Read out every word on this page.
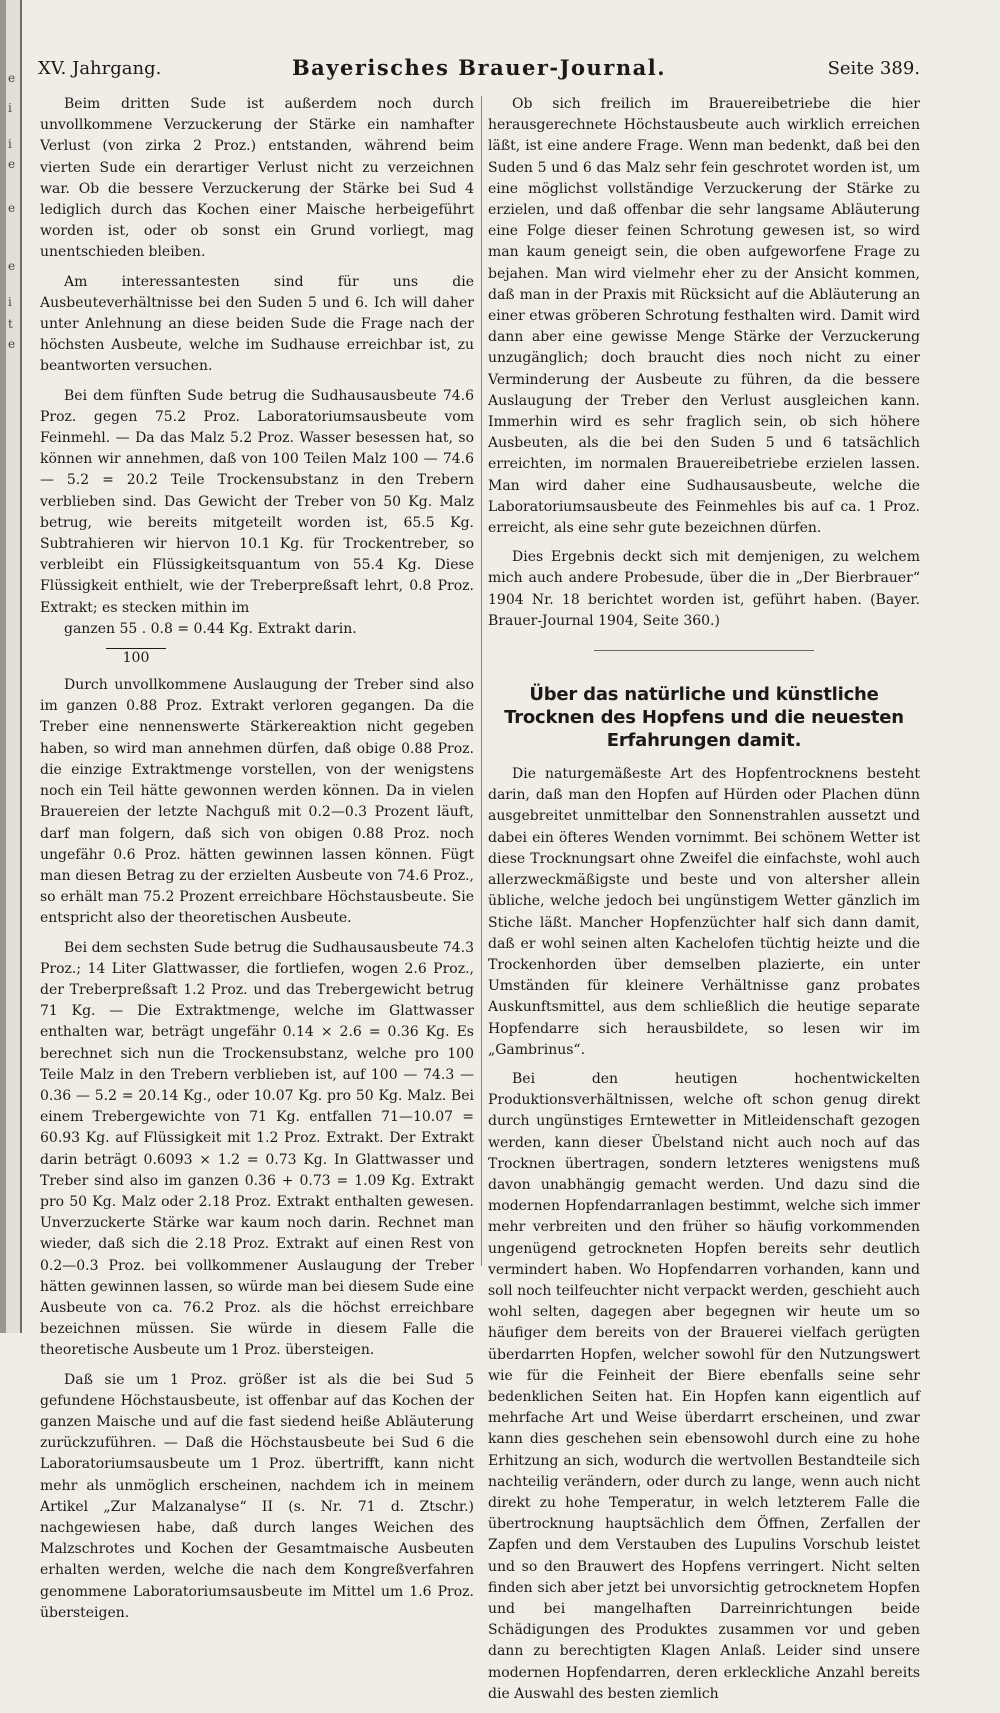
e
i
i
e
e
e
i
t
e
XV. Jahrgang.	Bayerisches Brauer-Journal.	Seite 389.

Beim dritten Sude ist außerdem noch durch unvollkommene Verzuckerung der Stärke ein namhafter Verlust (von zirka 2 Proz.) entstanden, während beim vierten Sude ein derartiger Verlust nicht zu verzeichnen war. Ob die bessere Verzuckerung der Stärke bei Sud 4 lediglich durch das Kochen einer Maische herbeigeführt worden ist, oder ob sonst ein Grund vorliegt, mag unentschieden bleiben.

Am interessantesten sind für uns die Ausbeuteverhältnisse bei den Suden 5 und 6. Ich will daher unter Anlehnung an diese beiden Sude die Frage nach der höchsten Ausbeute, welche im Sudhause erreichbar ist, zu beantworten versuchen.

Bei dem fünften Sude betrug die Sudhausausbeute 74.6 Proz. gegen 75.2 Proz. Laboratoriumsausbeute vom Feinmehl. — Da das Malz 5.2 Proz. Wasser besessen hat, so können wir annehmen, daß von 100 Teilen Malz 100 — 74.6 — 5.2 = 20.2 Teile Trockensubstanz in den Trebern verblieben sind. Das Gewicht der Treber von 50 Kg. Malz betrug, wie bereits mitgeteilt worden ist, 65.5 Kg. Subtrahieren wir hiervon 10.1 Kg. für Trockentreber, so verbleibt ein Flüssigkeitsquantum von 55.4 Kg. Diese Flüssigkeit enthielt, wie der Treberpreßsaft lehrt, 0.8 Proz. Extrakt; es stecken mithin im

ganzen 55 . 0.8 = 0.44 Kg. Extrakt darin.

100

Durch unvollkommene Auslaugung der Treber sind also im ganzen 0.88 Proz. Extrakt verloren gegangen. Da die Treber eine nennenswerte Stärkereaktion nicht gegeben haben, so wird man annehmen dürfen, daß obige 0.88 Proz. die einzige Extraktmenge vorstellen, von der wenigstens noch ein Teil hätte gewonnen werden können. Da in vielen Brauereien der letzte Nachguß mit 0.2—0.3 Prozent läuft, darf man folgern, daß sich von obigen 0.88 Proz. noch ungefähr 0.6 Proz. hätten gewinnen lassen können. Fügt man diesen Betrag zu der erzielten Ausbeute von 74.6 Proz., so erhält man 75.2 Prozent erreichbare Höchstausbeute. Sie entspricht also der theoretischen Ausbeute.

Bei dem sechsten Sude betrug die Sudhausausbeute 74.3 Proz.; 14 Liter Glattwasser, die fortliefen, wogen 2.6 Proz., der Treberpreßsaft 1.2 Proz. und das Trebergewicht betrug 71 Kg. — Die Extraktmenge, welche im Glattwasser enthalten war, beträgt ungefähr 0.14 × 2.6 = 0.36 Kg. Es berechnet sich nun die Trockensubstanz, welche pro 100 Teile Malz in den Trebern verblieben ist, auf 100 — 74.3 — 0.36 — 5.2 = 20.14 Kg., oder 10.07 Kg. pro 50 Kg. Malz. Bei einem Trebergewichte von 71 Kg. entfallen 71—10.07 = 60.93 Kg. auf Flüssigkeit mit 1.2 Proz. Extrakt. Der Extrakt darin beträgt 0.6093 × 1.2 = 0.73 Kg. In Glattwasser und Treber sind also im ganzen 0.36 + 0.73 = 1.09 Kg. Extrakt pro 50 Kg. Malz oder 2.18 Proz. Extrakt enthalten gewesen. Unverzuckerte Stärke war kaum noch darin. Rechnet man wieder, daß sich die 2.18 Proz. Extrakt auf einen Rest von 0.2—0.3 Proz. bei vollkommener Auslaugung der Treber hätten gewinnen lassen, so würde man bei diesem Sude eine Ausbeute von ca. 76.2 Proz. als die höchst erreichbare bezeichnen müssen. Sie würde in diesem Falle die theoretische Ausbeute um 1 Proz. übersteigen.

Daß sie um 1 Proz. größer ist als die bei Sud 5 gefundene Höchstausbeute, ist offenbar auf das Kochen der ganzen Maische und auf die fast siedend heiße Abläuterung zurückzuführen. — Daß die Höchstausbeute bei Sud 6 die Laboratoriumsausbeute um 1 Proz. übertrifft, kann nicht mehr als unmöglich erscheinen, nachdem ich in meinem Artikel „Zur Malzanalyse“ II (s. Nr. 71 d. Ztschr.) nachgewiesen habe, daß durch langes Weichen des Malzschrotes und Kochen der Gesamtmaische Ausbeuten erhalten werden, welche die nach dem Kongreßverfahren genommene Laboratoriumsausbeute im Mittel um 1.6 Proz. übersteigen.

Ob sich freilich im Brauereibetriebe die hier herausgerechnete Höchstausbeute auch wirklich erreichen läßt, ist eine andere Frage. Wenn man bedenkt, daß bei den Suden 5 und 6 das Malz sehr fein geschrotet worden ist, um eine möglichst vollständige Verzuckerung der Stärke zu erzielen, und daß offenbar die sehr langsame Abläuterung eine Folge dieser feinen Schrotung gewesen ist, so wird man kaum geneigt sein, die oben aufgeworfene Frage zu bejahen. Man wird vielmehr eher zu der Ansicht kommen, daß man in der Praxis mit Rücksicht auf die Abläuterung an einer etwas gröberen Schrotung festhalten wird. Damit wird dann aber eine gewisse Menge Stärke der Verzuckerung unzugänglich; doch braucht dies noch nicht zu einer Verminderung der Ausbeute zu führen, da die bessere Auslaugung der Treber den Verlust ausgleichen kann. Immerhin wird es sehr fraglich sein, ob sich höhere Ausbeuten, als die bei den Suden 5 und 6 tatsächlich erreichten, im normalen Brauereibetriebe erzielen lassen. Man wird daher eine Sudhausausbeute, welche die Laboratoriumsausbeute des Feinmehles bis auf ca. 1 Proz. erreicht, als eine sehr gute bezeichnen dürfen.

Dies Ergebnis deckt sich mit demjenigen, zu welchem mich auch andere Probesude, über die in „Der Bierbrauer“ 1904 Nr. 18 berichtet worden ist, geführt haben. (Bayer. Brauer-Journal 1904, Seite 360.)

Über das natürliche und künstliche Trocknen des Hopfens und die neuesten Erfahrungen damit.

Die naturgemäßeste Art des Hopfentrocknens besteht darin, daß man den Hopfen auf Hürden oder Plachen dünn ausgebreitet unmittelbar den Sonnenstrahlen aussetzt und dabei ein öfteres Wenden vornimmt. Bei schönem Wetter ist diese Trocknungsart ohne Zweifel die einfachste, wohl auch allerzweckmäßigste und beste und von altersher allein übliche, welche jedoch bei ungünstigem Wetter gänzlich im Stiche läßt. Mancher Hopfenzüchter half sich dann damit, daß er wohl seinen alten Kachelofen tüchtig heizte und die Trockenhorden über demselben plazierte, ein unter Umständen für kleinere Verhältnisse ganz probates Auskunftsmittel, aus dem schließlich die heutige separate Hopfendarre sich herausbildete, so lesen wir im „Gambrinus“.

Bei den heutigen hochentwickelten Produktionsverhältnissen, welche oft schon genug direkt durch ungünstiges Erntewetter in Mitleidenschaft gezogen werden, kann dieser Übelstand nicht auch noch auf das Trocknen übertragen, sondern letzteres wenigstens muß davon unabhängig gemacht werden. Und dazu sind die modernen Hopfendarranlagen bestimmt, welche sich immer mehr verbreiten und den früher so häufig vorkommenden ungenügend getrockneten Hopfen bereits sehr deutlich vermindert haben. Wo Hopfendarren vorhanden, kann und soll noch teilfeuchter nicht verpackt werden, geschieht auch wohl selten, dagegen aber begegnen wir heute um so häufiger dem bereits von der Brauerei vielfach gerügten überdarrten Hopfen, welcher sowohl für den Nutzungswert wie für die Feinheit der Biere ebenfalls seine sehr bedenklichen Seiten hat. Ein Hopfen kann eigentlich auf mehrfache Art und Weise überdarrt erscheinen, und zwar kann dies geschehen sein ebensowohl durch eine zu hohe Erhitzung an sich, wodurch die wertvollen Bestandteile sich nachteilig verändern, oder durch zu lange, wenn auch nicht direkt zu hohe Temperatur, in welch letzterem Falle die übertrocknung hauptsächlich dem Öffnen, Zerfallen der Zapfen und dem Verstauben des Lupulins Vorschub leistet und so den Brauwert des Hopfens verringert. Nicht selten finden sich aber jetzt bei unvorsichtig getrocknetem Hopfen und bei mangelhaften Darreinrichtungen beide Schädigungen des Produktes zusammen vor und geben dann zu berechtigten Klagen Anlaß. Leider sind unsere modernen Hopfendarren, deren erkleckliche Anzahl bereits die Auswahl des besten ziemlich
